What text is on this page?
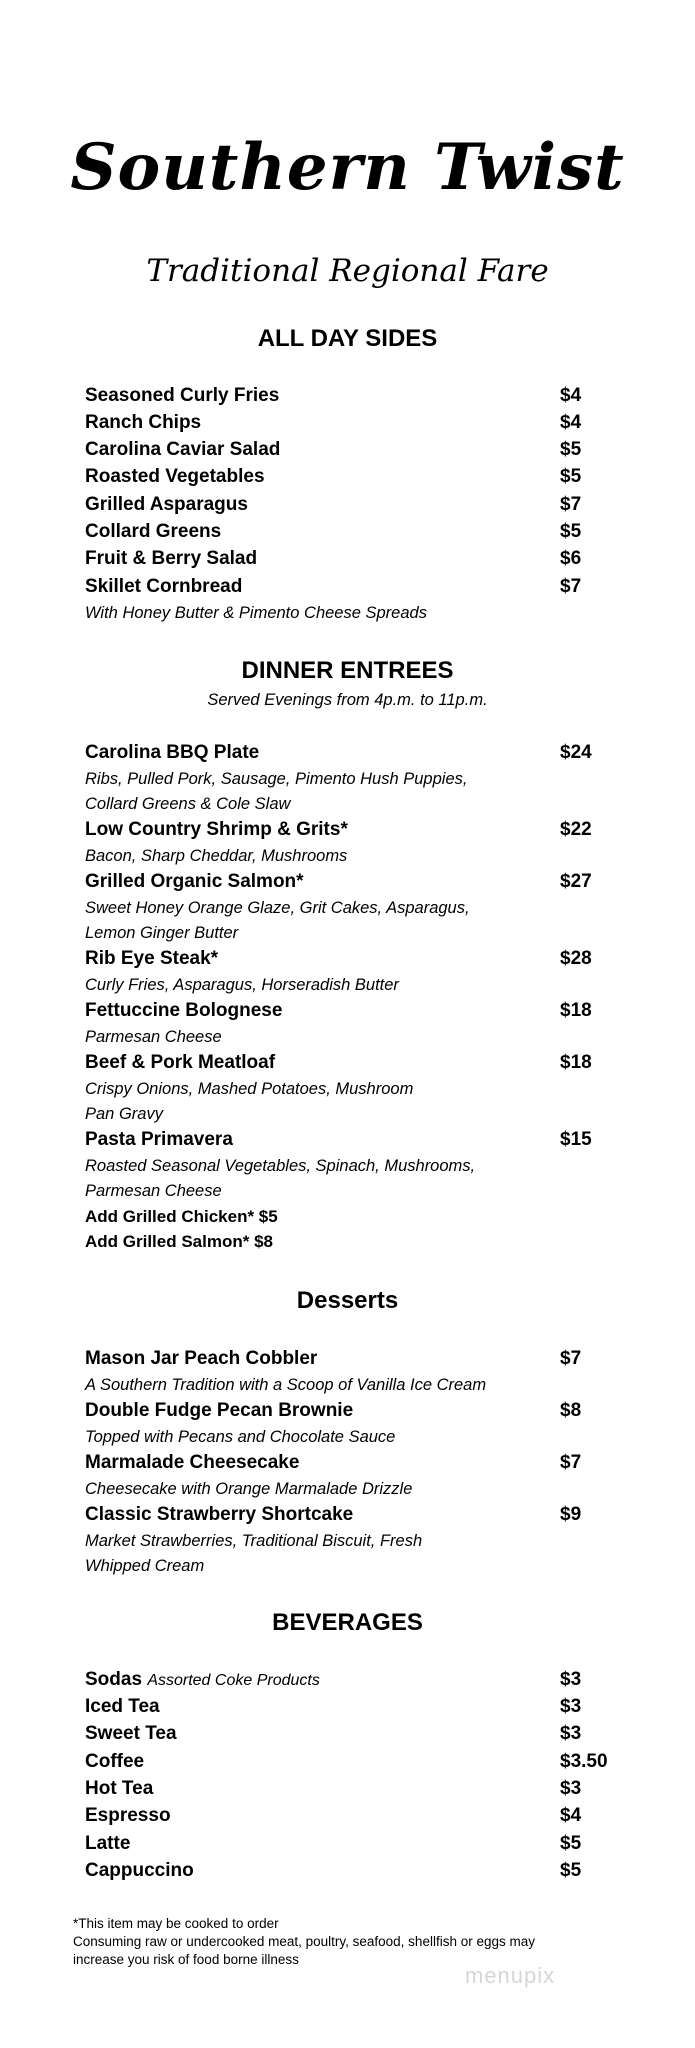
Southern Twist
Traditional Regional Fare
ALL DAY SIDES
Seasoned Curly Fries	$4
Ranch Chips	$4
Carolina Caviar Salad	$5
Roasted Vegetables	$5
Grilled Asparagus	$7
Collard Greens	$5
Fruit & Berry Salad	$6
Skillet Cornbread	$7
With Honey Butter & Pimento Cheese Spreads
DINNER ENTREES
Served Evenings from 4p.m. to 11p.m.
Carolina BBQ Plate	$24
Ribs, Pulled Pork, Sausage, Pimento Hush Puppies,
Collard Greens & Cole Slaw
Low Country Shrimp & Grits*	$22
Bacon, Sharp Cheddar, Mushrooms
Grilled Organic Salmon*	$27
Sweet Honey Orange Glaze, Grit Cakes, Asparagus,
Lemon Ginger Butter
Rib Eye Steak*	$28
Curly Fries, Asparagus, Horseradish Butter
Fettuccine Bolognese	$18
Parmesan Cheese
Beef & Pork Meatloaf	$18
Crispy Onions, Mashed Potatoes, Mushroom
Pan Gravy
Pasta Primavera	$15
Roasted Seasonal Vegetables, Spinach, Mushrooms,
Parmesan Cheese
Add Grilled Chicken* $5
Add Grilled Salmon* $8
Desserts
Mason Jar Peach Cobbler	$7
A Southern Tradition with a Scoop of Vanilla Ice Cream
Double Fudge Pecan Brownie	$8
Topped with Pecans and Chocolate Sauce
Marmalade Cheesecake	$7
Cheesecake with Orange Marmalade Drizzle
Classic Strawberry Shortcake	$9
Market Strawberries, Traditional Biscuit, Fresh
Whipped Cream
BEVERAGES
Sodas Assorted Coke Products	$3
Iced Tea	$3
Sweet Tea	$3
Coffee	$3.50
Hot Tea	$3
Espresso	$4
Latte	$5
Cappuccino	$5
*This item may be cooked to order
Consuming raw or undercooked meat, poultry, seafood, shellfish or eggs may
increase you risk of food borne illness
menupix
